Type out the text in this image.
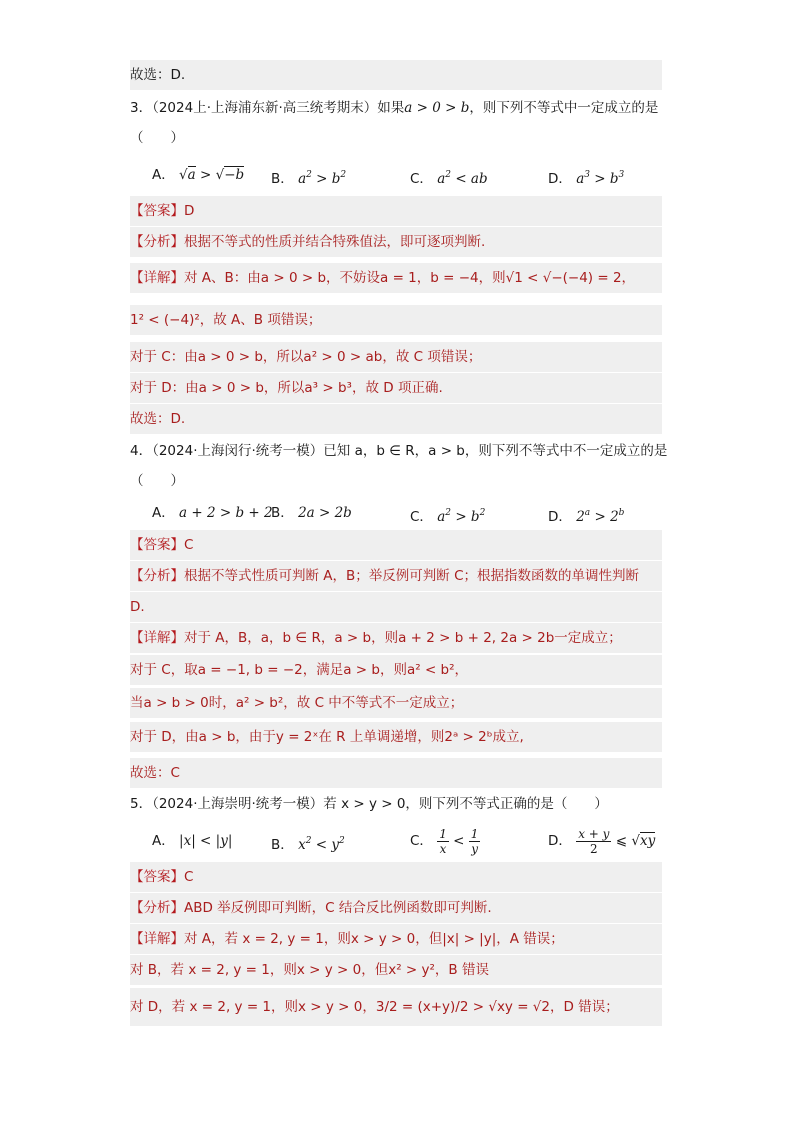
故选：D.
3．（2024上·上海浦东新·高三统考期末）如果a > 0 > b，则下列不等式中一定成立的是
（　　）
A． √a > √−b B． $a^2 > b^2$	C． $a^2$ < ab	D． $a^3 > b^3$
【答案】D
【分析】根据不等式的性质并结合特殊值法，即可逐项判断.
【详解】对 A、B：由a > 0 > b，不妨设a = 1，b = −4，则√1 < √−(−4) = 2，
1² < (−4)²，故 A、B 项错误；
对于 C：由a > 0 > b，所以a² > 0 > ab，故 C 项错误；
对于 D：由a > 0 > b，所以a³ > b³，故 D 项正确.
故选：D.
4．（2024·上海闵行·统考一模）已知 a，b ∈ R，a > b，则下列不等式中不一定成立的是
（　　）
A． a + 2 > b + 2
B． 2a > 2b	C． $a^2 > b^2$	D． $2^a > 2^b$
【答案】C
【分析】根据不等式性质可判断 A，B；举反例可判断 C；根据指数函数的单调性判断
D.
【详解】对于 A，B，a，b ∈ R，a > b，则a + 2 > b + 2, 2a > 2b一定成立；
对于 C，取a = −1, b = −2，满足a > b，则a² < b²，
当a > b > 0时，a² > b²，故 C 中不等式不一定成立；
对于 D，由a > b，由于y = 2ˣ在 R 上单调递增，则2ᵃ > 2ᵇ成立,
故选：C
5．（2024·上海崇明·统考一模）若 x > y > 0，则下列不等式正确的是（　　）
A． |x| < |y|	B． $x^2 < y^2$	C． $\frac{1}{x} < \frac{1}{y}$	D． $\frac{x + y}{2}$ ⩽ √xy
【答案】C
【分析】ABD 举反例即可判断，C 结合反比例函数即可判断.
【详解】对 A，若 x = 2, y = 1，则x > y > 0，但|x| > |y|，A 错误；
对 B，若 x = 2, y = 1，则x > y > 0，但x² > y²，B 错误
对 D，若 x = 2, y = 1，则x > y > 0，3/2 = (x+y)/2 > √xy = √2，D 错误；
